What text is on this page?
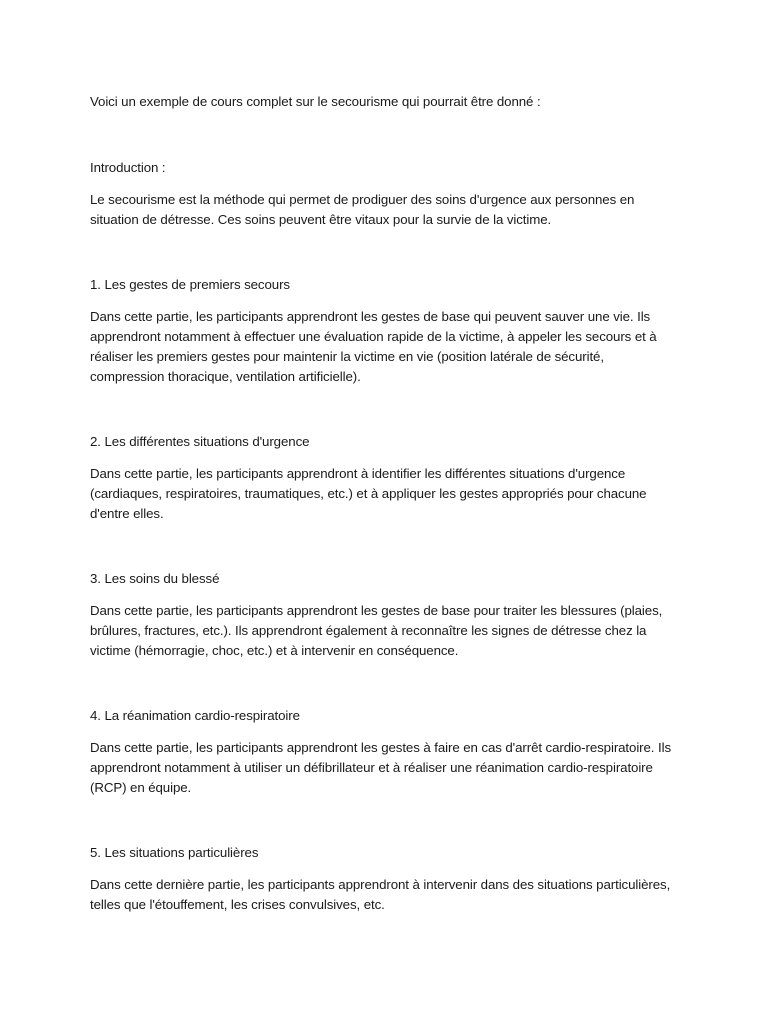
Voici un exemple de cours complet sur le secourisme qui pourrait être donné :

Introduction :

Le secourisme est la méthode qui permet de prodiguer des soins d'urgence aux personnes en situation de détresse. Ces soins peuvent être vitaux pour la survie de la victime.

1. Les gestes de premiers secours

Dans cette partie, les participants apprendront les gestes de base qui peuvent sauver une vie. Ils apprendront notamment à effectuer une évaluation rapide de la victime, à appeler les secours et à réaliser les premiers gestes pour maintenir la victime en vie (position latérale de sécurité, compression thoracique, ventilation artificielle).

2. Les différentes situations d'urgence

Dans cette partie, les participants apprendront à identifier les différentes situations d'urgence (cardiaques, respiratoires, traumatiques, etc.) et à appliquer les gestes appropriés pour chacune d'entre elles.

3. Les soins du blessé

Dans cette partie, les participants apprendront les gestes de base pour traiter les blessures (plaies, brûlures, fractures, etc.). Ils apprendront également à reconnaître les signes de détresse chez la victime (hémorragie, choc, etc.) et à intervenir en conséquence.

4. La réanimation cardio-respiratoire

Dans cette partie, les participants apprendront les gestes à faire en cas d'arrêt cardio-respiratoire. Ils apprendront notamment à utiliser un défibrillateur et à réaliser une réanimation cardio-respiratoire (RCP) en équipe.

5. Les situations particulières

Dans cette dernière partie, les participants apprendront à intervenir dans des situations particulières, telles que l'étouffement, les crises convulsives, etc.
